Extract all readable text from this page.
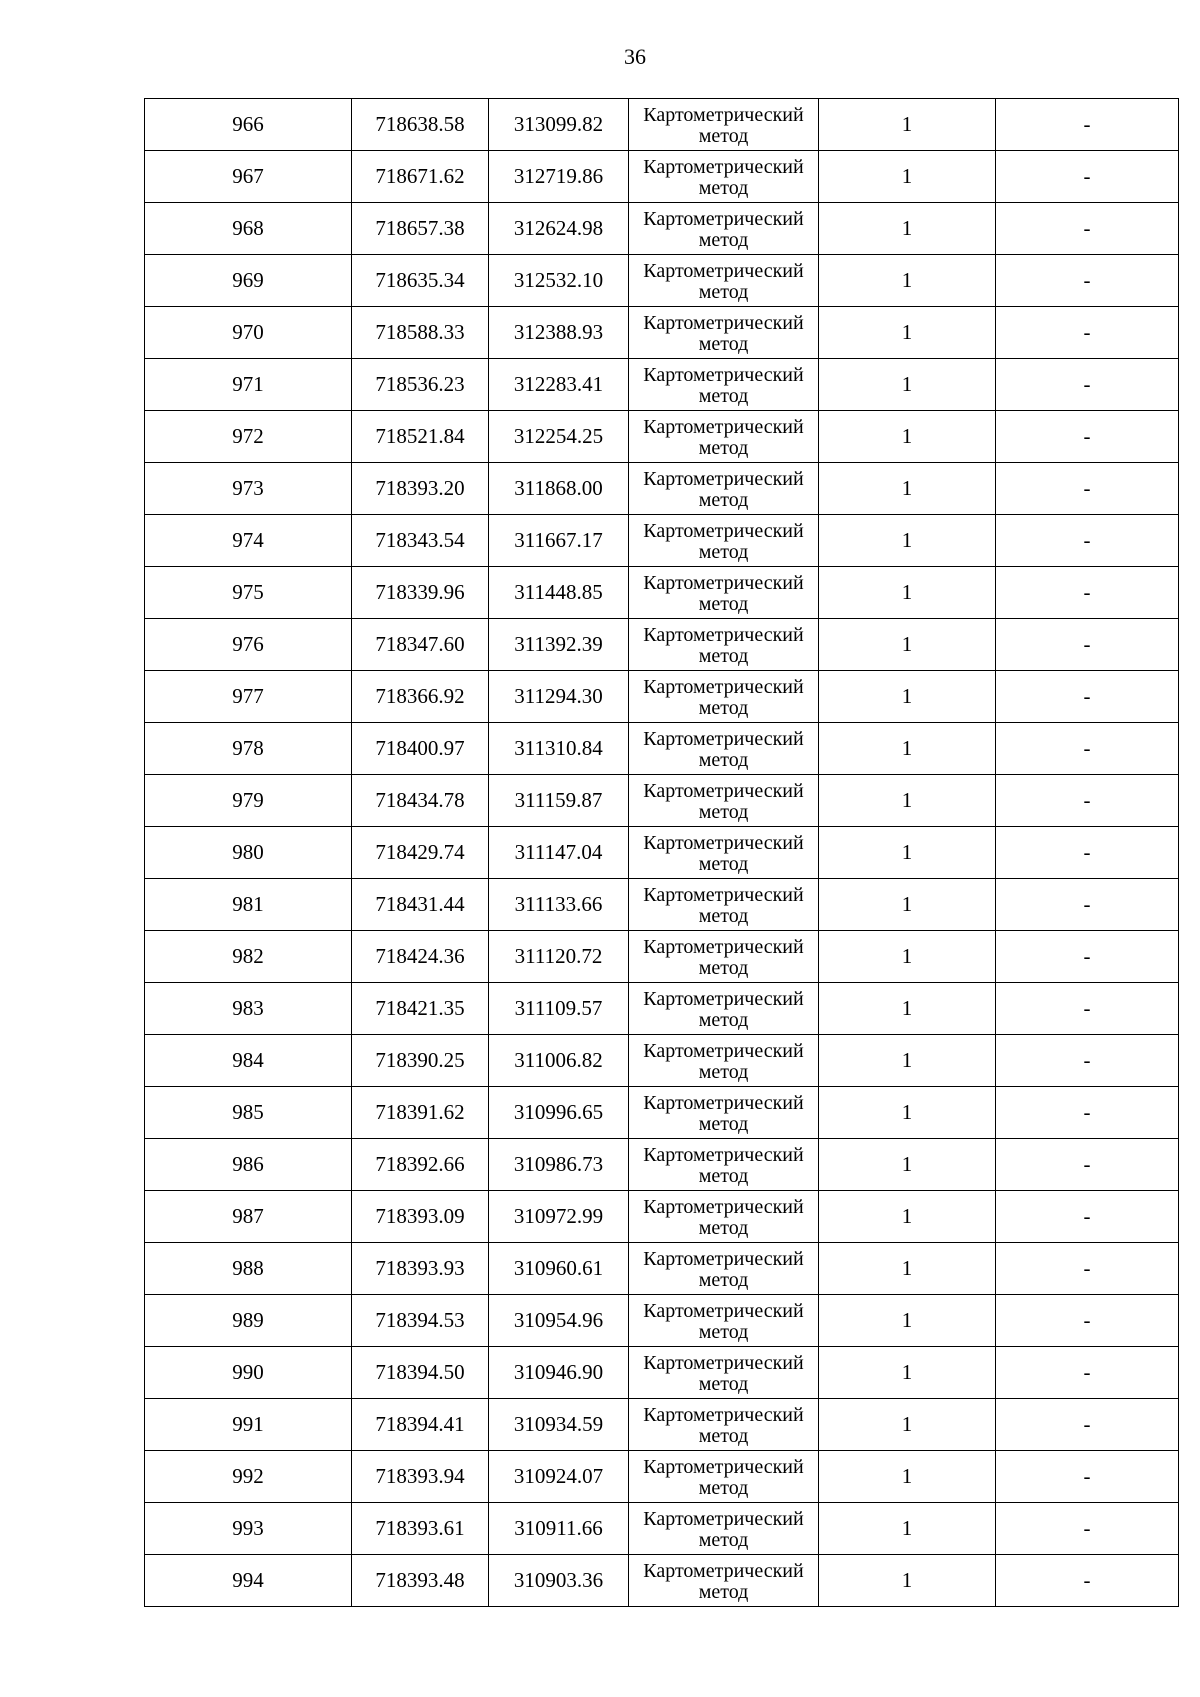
36
966	718638.58	313099.82	Картометрический метод	1	-
967	718671.62	312719.86	Картометрический метод	1	-
968	718657.38	312624.98	Картометрический метод	1	-
969	718635.34	312532.10	Картометрический метод	1	-
970	718588.33	312388.93	Картометрический метод	1	-
971	718536.23	312283.41	Картометрический метод	1	-
972	718521.84	312254.25	Картометрический метод	1	-
973	718393.20	311868.00	Картометрический метод	1	-
974	718343.54	311667.17	Картометрический метод	1	-
975	718339.96	311448.85	Картометрический метод	1	-
976	718347.60	311392.39	Картометрический метод	1	-
977	718366.92	311294.30	Картометрический метод	1	-
978	718400.97	311310.84	Картометрический метод	1	-
979	718434.78	311159.87	Картометрический метод	1	-
980	718429.74	311147.04	Картометрический метод	1	-
981	718431.44	311133.66	Картометрический метод	1	-
982	718424.36	311120.72	Картометрический метод	1	-
983	718421.35	311109.57	Картометрический метод	1	-
984	718390.25	311006.82	Картометрический метод	1	-
985	718391.62	310996.65	Картометрический метод	1	-
986	718392.66	310986.73	Картометрический метод	1	-
987	718393.09	310972.99	Картометрический метод	1	-
988	718393.93	310960.61	Картометрический метод	1	-
989	718394.53	310954.96	Картометрический метод	1	-
990	718394.50	310946.90	Картометрический метод	1	-
991	718394.41	310934.59	Картометрический метод	1	-
992	718393.94	310924.07	Картометрический метод	1	-
993	718393.61	310911.66	Картометрический метод	1	-
994	718393.48	310903.36	Картометрический метод	1	-
